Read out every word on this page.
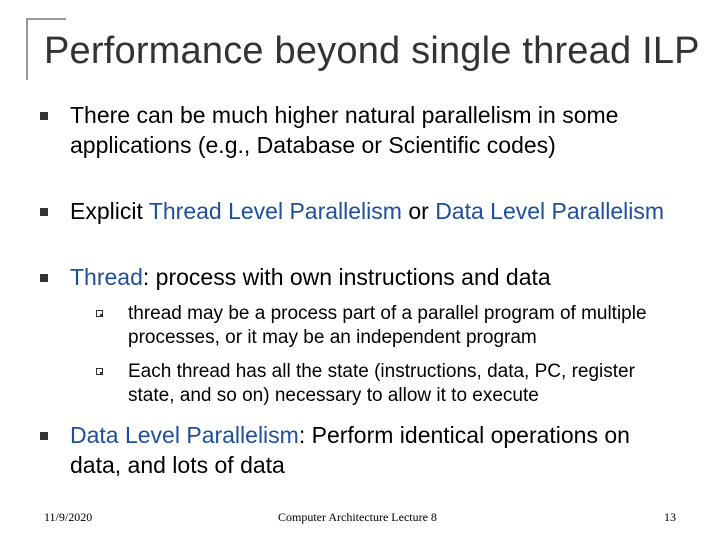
Performance beyond single thread ILP
There can be much higher natural parallelism in some applications (e.g., Database or Scientific codes)
Explicit Thread Level Parallelism or Data Level Parallelism
Thread: process with own instructions and data
thread may be a process part of a parallel program of multiple processes, or it may be an independent program
Each thread has all the state (instructions, data, PC, register state, and so on) necessary to allow it to execute
Data Level Parallelism: Perform identical operations on data, and lots of data
11/9/2020	Computer Architecture Lecture 8	13
